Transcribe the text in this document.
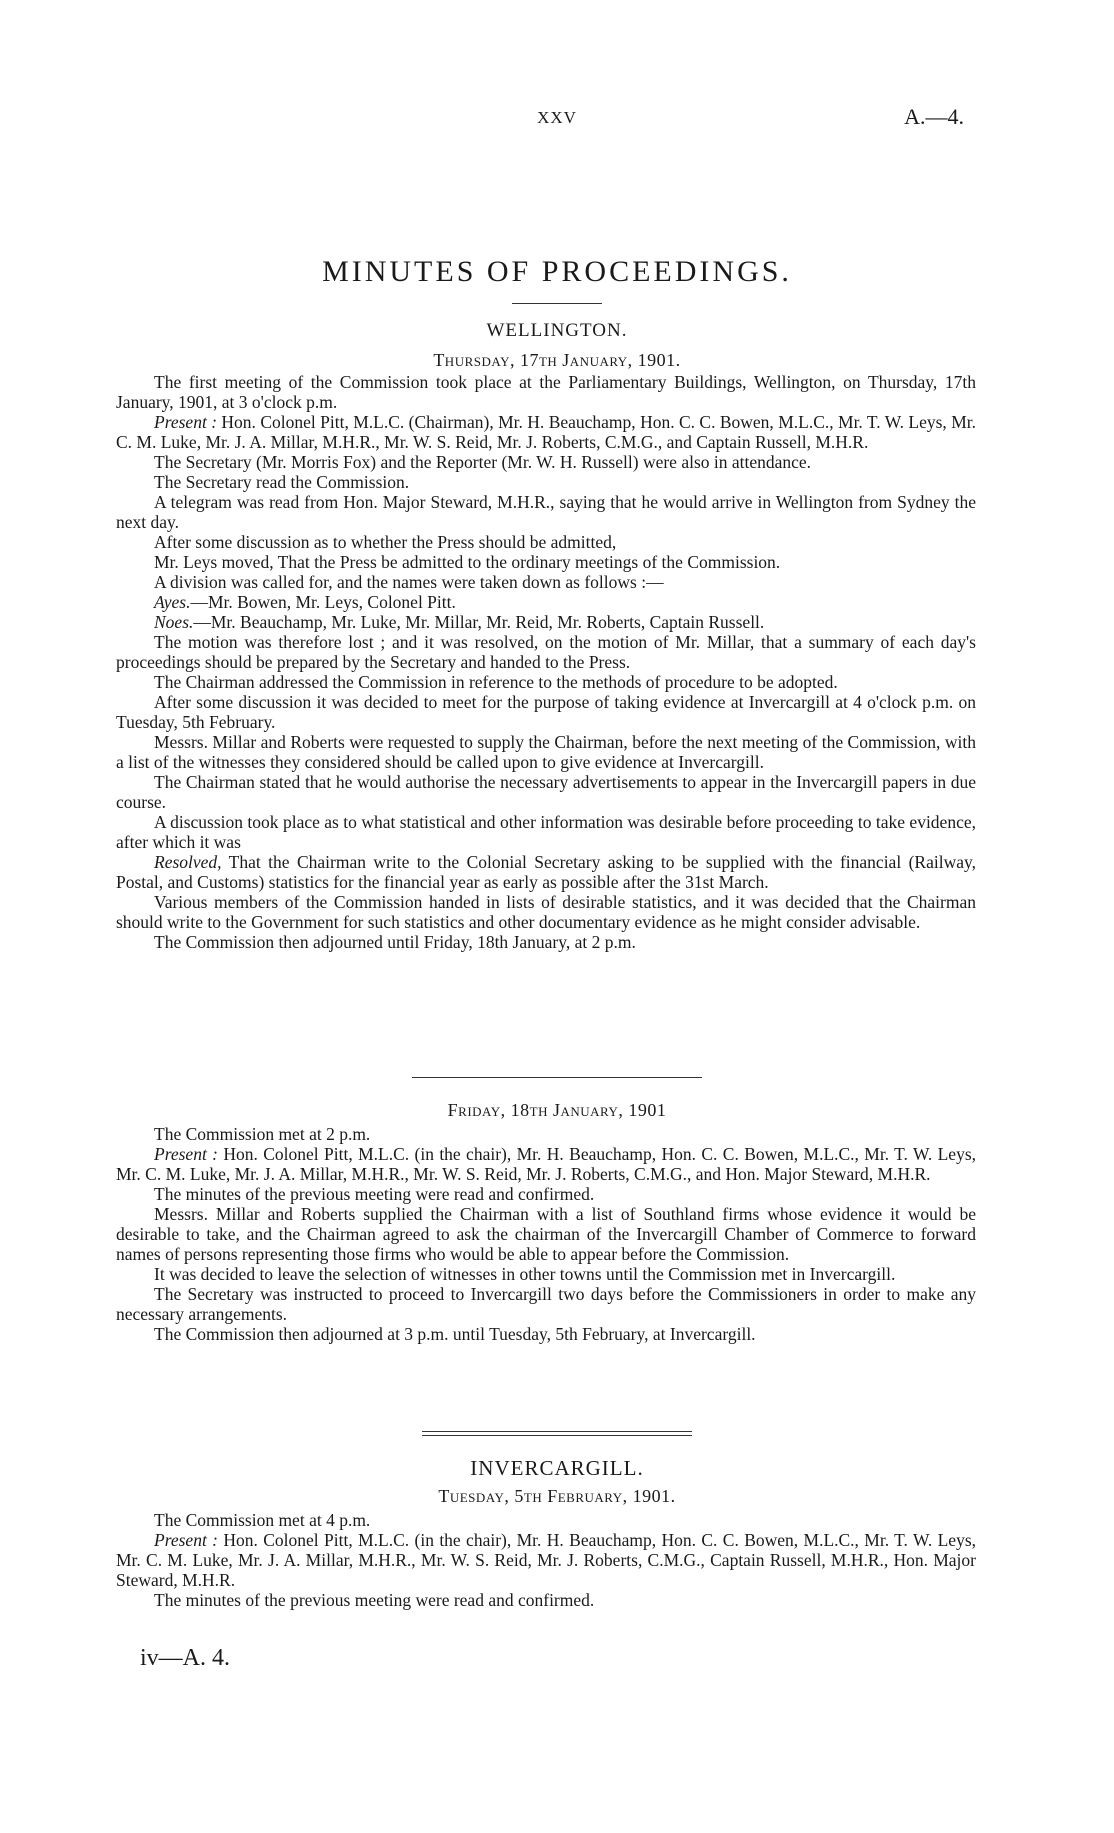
XXV	A.—4.
MINUTES OF PROCEEDINGS.
WELLINGTON.
Thursday, 17th January, 1901.

The first meeting of the Commission took place at the Parliamentary Buildings, Wellington, on Thursday, 17th January, 1901, at 3 o'clock p.m.

Present : Hon. Colonel Pitt, M.L.C. (Chairman), Mr. H. Beauchamp, Hon. C. C. Bowen, M.L.C., Mr. T. W. Leys, Mr. C. M. Luke, Mr. J. A. Millar, M.H.R., Mr. W. S. Reid, Mr. J. Roberts, C.M.G., and Captain Russell, M.H.R.

The Secretary (Mr. Morris Fox) and the Reporter (Mr. W. H. Russell) were also in attendance.

The Secretary read the Commission.

A telegram was read from Hon. Major Steward, M.H.R., saying that he would arrive in Wellington from Sydney the next day.

After some discussion as to whether the Press should be admitted,

Mr. Leys moved, That the Press be admitted to the ordinary meetings of the Commission.

A division was called for, and the names were taken down as follows :—

Ayes.—Mr. Bowen, Mr. Leys, Colonel Pitt.

Noes.—Mr. Beauchamp, Mr. Luke, Mr. Millar, Mr. Reid, Mr. Roberts, Captain Russell.

The motion was therefore lost ; and it was resolved, on the motion of Mr. Millar, that a summary of each day's proceedings should be prepared by the Secretary and handed to the Press.

The Chairman addressed the Commission in reference to the methods of procedure to be adopted.

After some discussion it was decided to meet for the purpose of taking evidence at Invercargill at 4 o'clock p.m. on Tuesday, 5th February.

Messrs. Millar and Roberts were requested to supply the Chairman, before the next meeting of the Commission, with a list of the witnesses they considered should be called upon to give evidence at Invercargill.

The Chairman stated that he would authorise the necessary advertisements to appear in the Invercargill papers in due course.

A discussion took place as to what statistical and other information was desirable before proceeding to take evidence, after which it was

Resolved, That the Chairman write to the Colonial Secretary asking to be supplied with the financial (Railway, Postal, and Customs) statistics for the financial year as early as possible after the 31st March.

Various members of the Commission handed in lists of desirable statistics, and it was decided that the Chairman should write to the Government for such statistics and other documentary evidence as he might consider advisable.

The Commission then adjourned until Friday, 18th January, at 2 p.m.

Friday, 18th January, 1901

The Commission met at 2 p.m.

Present : Hon. Colonel Pitt, M.L.C. (in the chair), Mr. H. Beauchamp, Hon. C. C. Bowen, M.L.C., Mr. T. W. Leys, Mr. C. M. Luke, Mr. J. A. Millar, M.H.R., Mr. W. S. Reid, Mr. J. Roberts, C.M.G., and Hon. Major Steward, M.H.R.

The minutes of the previous meeting were read and confirmed.

Messrs. Millar and Roberts supplied the Chairman with a list of Southland firms whose evidence it would be desirable to take, and the Chairman agreed to ask the chairman of the Invercargill Chamber of Commerce to forward names of persons representing those firms who would be able to appear before the Commission.

It was decided to leave the selection of witnesses in other towns until the Commission met in Invercargill.

The Secretary was instructed to proceed to Invercargill two days before the Commissioners in order to make any necessary arrangements.

The Commission then adjourned at 3 p.m. until Tuesday, 5th February, at Invercargill.

INVERCARGILL.
Tuesday, 5th February, 1901.

The Commission met at 4 p.m.

Present : Hon. Colonel Pitt, M.L.C. (in the chair), Mr. H. Beauchamp, Hon. C. C. Bowen, M.L.C., Mr. T. W. Leys, Mr. C. M. Luke, Mr. J. A. Millar, M.H.R., Mr. W. S. Reid, Mr. J. Roberts, C.M.G., Captain Russell, M.H.R., Hon. Major Steward, M.H.R.

The minutes of the previous meeting were read and confirmed.

iv—A. 4.
